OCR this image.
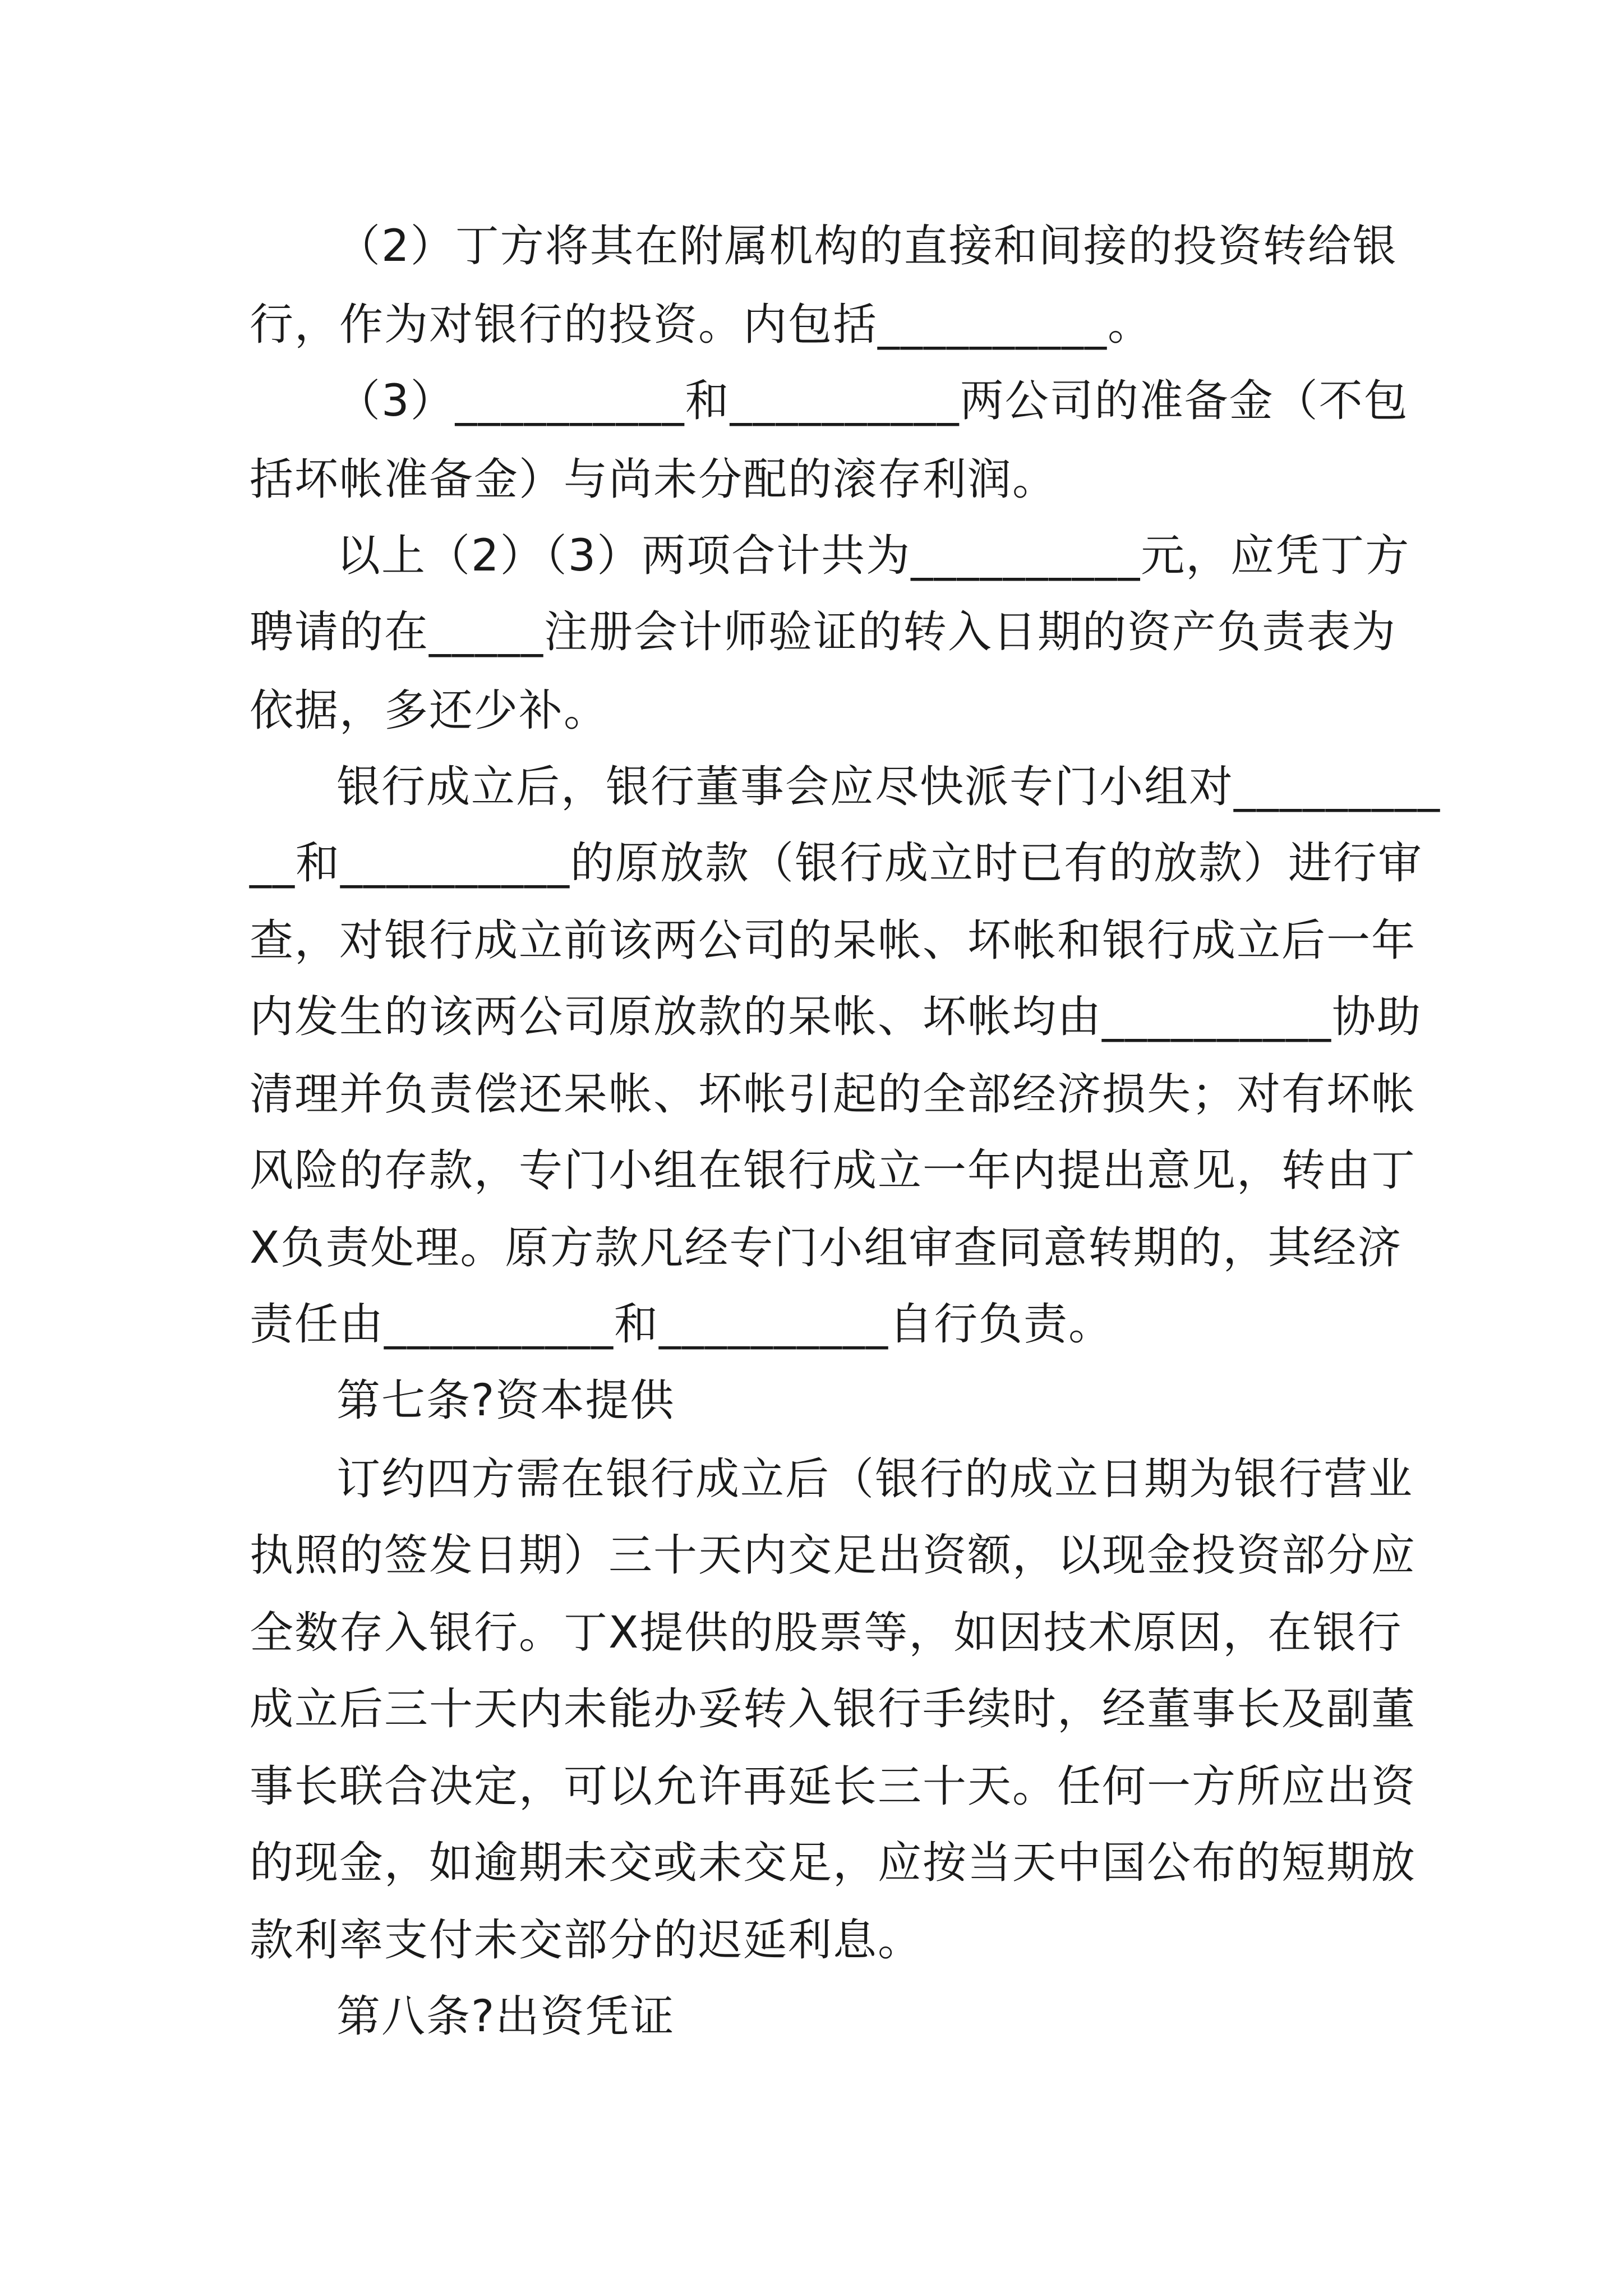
（2）丁方将其在附属机构的直接和间接的投资转给银
行，作为对银行的投资。内包括__________。
（3）__________和__________两公司的准备金（不包
括坏帐准备金）与尚未分配的滚存利润。
以上（2）（3）两项合计共为__________元，应凭丁方
聘请的在_____注册会计师验证的转入日期的资产负责表为
依据，多还少补。
银行成立后，银行董事会应尽快派专门小组对_________
__和__________的原放款（银行成立时已有的放款）进行审
查，对银行成立前该两公司的呆帐、坏帐和银行成立后一年
内发生的该两公司原放款的呆帐、坏帐均由__________协助
清理并负责偿还呆帐、坏帐引起的全部经济损失；对有坏帐
风险的存款，专门小组在银行成立一年内提出意见，转由丁
X负责处理。原方款凡经专门小组审查同意转期的，其经济
责任由__________和__________自行负责。
第七条?资本提供
订约四方需在银行成立后（银行的成立日期为银行营业
执照的签发日期）三十天内交足出资额，以现金投资部分应
全数存入银行。丁X提供的股票等，如因技术原因，在银行
成立后三十天内未能办妥转入银行手续时，经董事长及副董
事长联合决定，可以允许再延长三十天。任何一方所应出资
的现金，如逾期未交或未交足，应按当天中国公布的短期放
款利率支付未交部分的迟延利息。
第八条?出资凭证
